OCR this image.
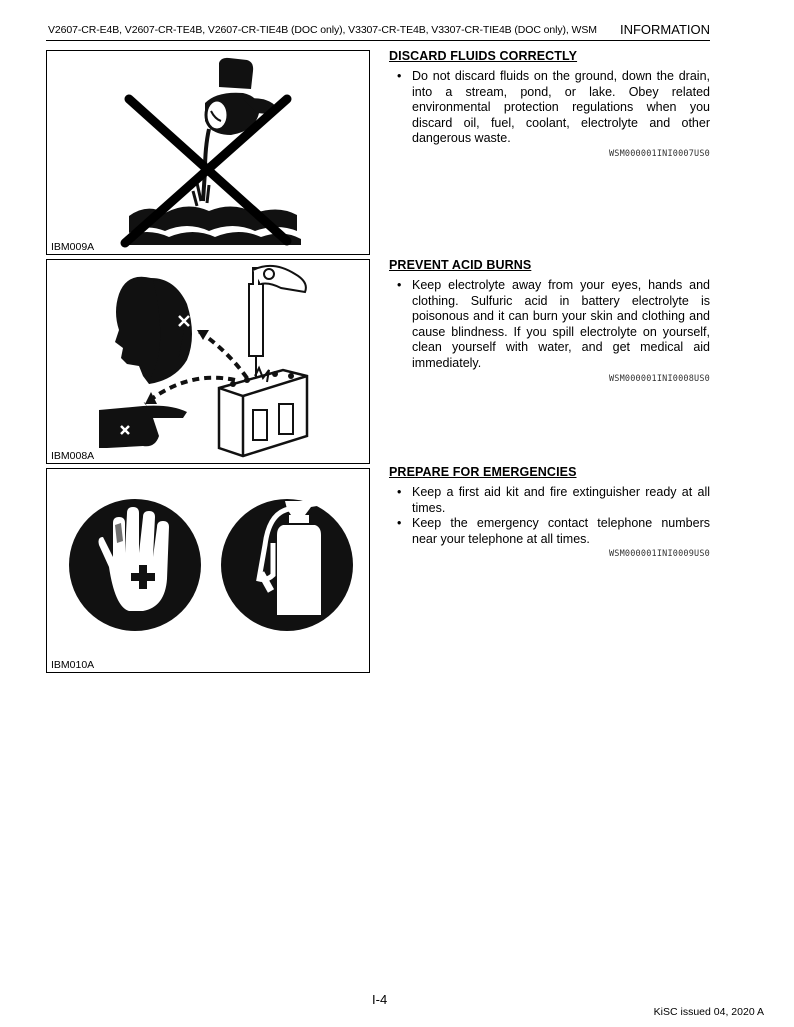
V2607-CR-E4B, V2607-CR-TE4B, V2607-CR-TIE4B (DOC only), V3307-CR-TE4B, V3307-CR-TIE4B (DOC only), WSM INFORMATION
IBM009A
IBM008A
IBM010A
DISCARD FLUIDS CORRECTLY
• Do not discard fluids on the ground, down the drain, into a stream, pond, or lake. Obey related environmental protection regulations when you discard oil, fuel, coolant, electrolyte and other dangerous waste.
WSM000001INI0007US0
PREVENT ACID BURNS
• Keep electrolyte away from your eyes, hands and clothing. Sulfuric acid in battery electrolyte is poisonous and it can burn your skin and clothing and cause blindness. If you spill electrolyte on yourself, clean yourself with water, and get medical aid immediately.
WSM000001INI0008US0
PREPARE FOR EMERGENCIES
• Keep a first aid kit and fire extinguisher ready at all times.
• Keep the emergency contact telephone numbers near your telephone at all times.
WSM000001INI0009US0
I-4
KiSC issued 04, 2020 A
